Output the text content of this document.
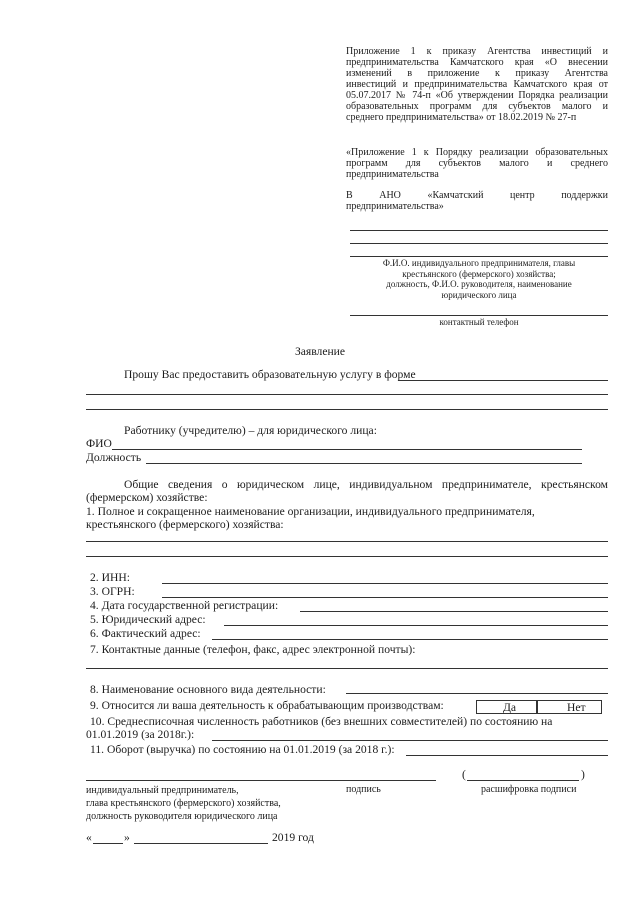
Приложение 1 к приказу Агентства инвестиций и
предпринимательства Камчатского края «О внесении
изменений в приложение к приказу Агентства
инвестиций и предпринимательства Камчатского края от
05.07.2017 № 74-п «Об утверждении Порядка реализации
образовательных программ для субъектов малого и
среднего предпринимательства» от 18.02.2019 № 27-п
«Приложение 1 к Порядку реализации образовательных
программ для субъектов малого и среднего
предпринимательства
В АНО «Камчатский центр поддержки
предпринимательства»
Ф.И.О. индивидуального предпринимателя, главы
крестьянского (фермерского) хозяйства;
должность, Ф.И.О. руководителя, наименование
юридического лица
контактный телефон
Заявление
Прошу Вас предоставить образовательную услугу в форме
Работнику (учредителю) – для юридического лица:
ФИО
Должность
Общие сведения о юридическом лице, индивидуальном предпринимателе, крестьянском
(фермерском) хозяйстве:
1. Полное и сокращенное наименование организации, индивидуального предпринимателя,
крестьянского (фермерского) хозяйства:
2. ИНН:
3. ОГРН:
4. Дата государственной регистрации:
5. Юридический адрес:
6. Фактический адрес:
7. Контактные данные (телефон, факс, адрес электронной почты):
8. Наименование основного вида деятельности:
9. Относится ли ваша деятельность к обрабатывающим производствам:	Да	Нет
10. Среднесписочная численность работников (без внешних совместителей) по состоянию на
01.01.2019 (за 2018г.):
11. Оборот (выручка) по состоянию на 01.01.2019 (за 2018 г.):
(	)
индивидуальный предприниматель,
глава крестьянского (фермерского) хозяйства,
должность руководителя юридического лица
подпись	расшифровка подписи
«	»	2019 год
